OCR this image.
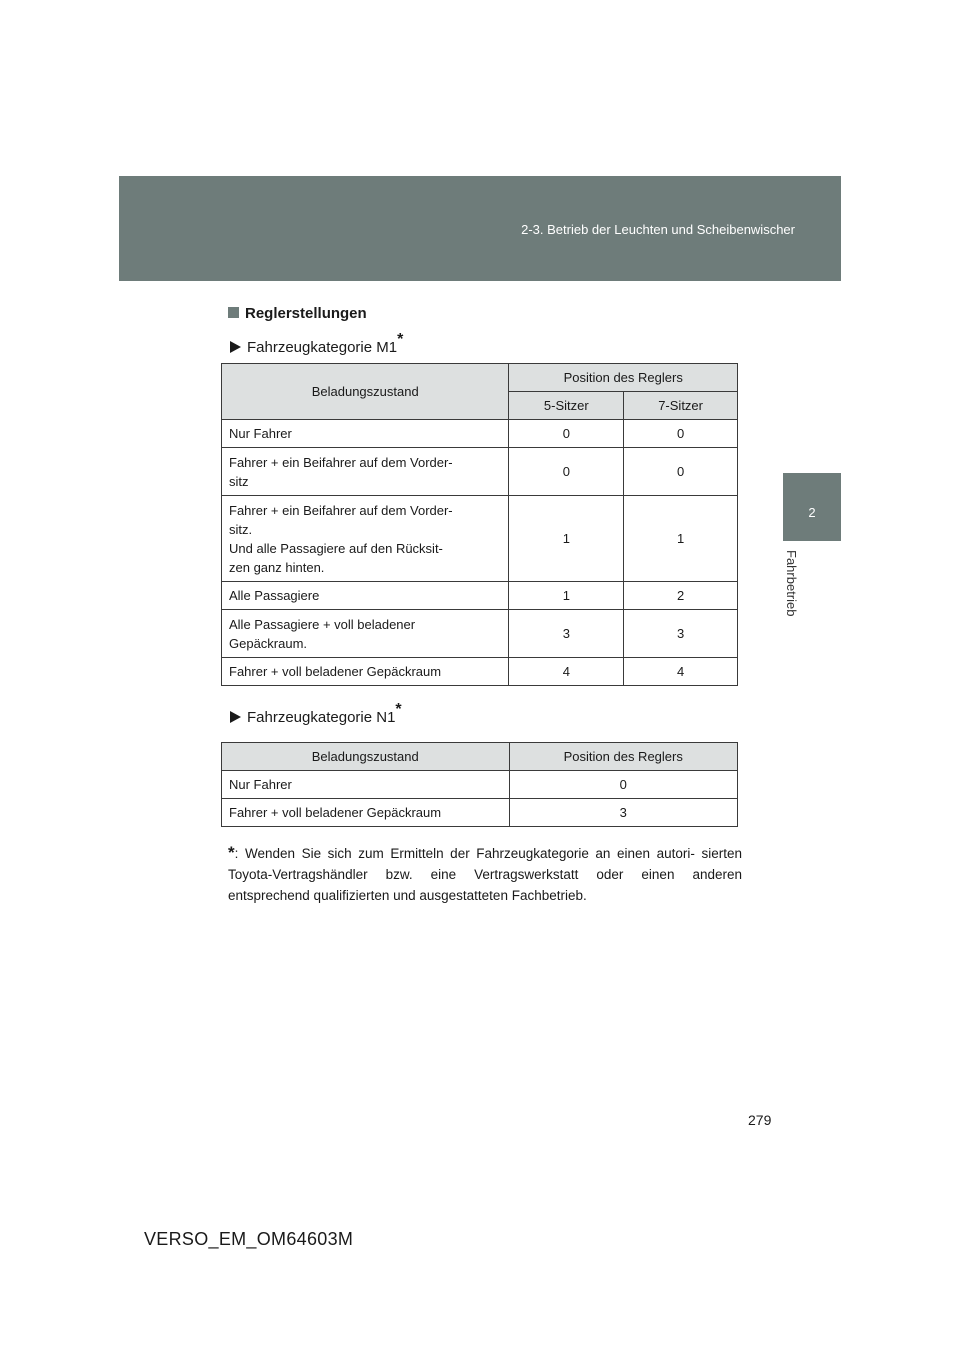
2-3. Betrieb der Leuchten und Scheibenwischer
2
Fahrbetrieb
Reglerstellungen
Fahrzeugkategorie M1*
Beladungszustand	Position des Reglers	
	5-Sitzer	7-Sitzer
Nur Fahrer	0	0
Fahrer + ein Beifahrer auf dem Vorder-
sitz	0	0
Fahrer + ein Beifahrer auf dem Vorder-
sitz.
Und alle Passagiere auf den Rücksit-
zen ganz hinten.	1	1
Alle Passagiere	1	2
Alle Passagiere + voll beladener
Gepäckraum.	3	3
Fahrer + voll beladener Gepäckraum	4	4
Fahrzeugkategorie N1*
Beladungszustand	Position des Reglers
Nur Fahrer	0
Fahrer + voll beladener Gepäckraum	3
*: Wenden Sie sich zum Ermitteln der Fahrzeugkategorie an einen autori- sierten Toyota-Vertragshändler bzw. eine Vertragswerkstatt oder einen anderen entsprechend qualifizierten und ausgestatteten Fachbetrieb.
279
VERSO_EM_OM64603M
